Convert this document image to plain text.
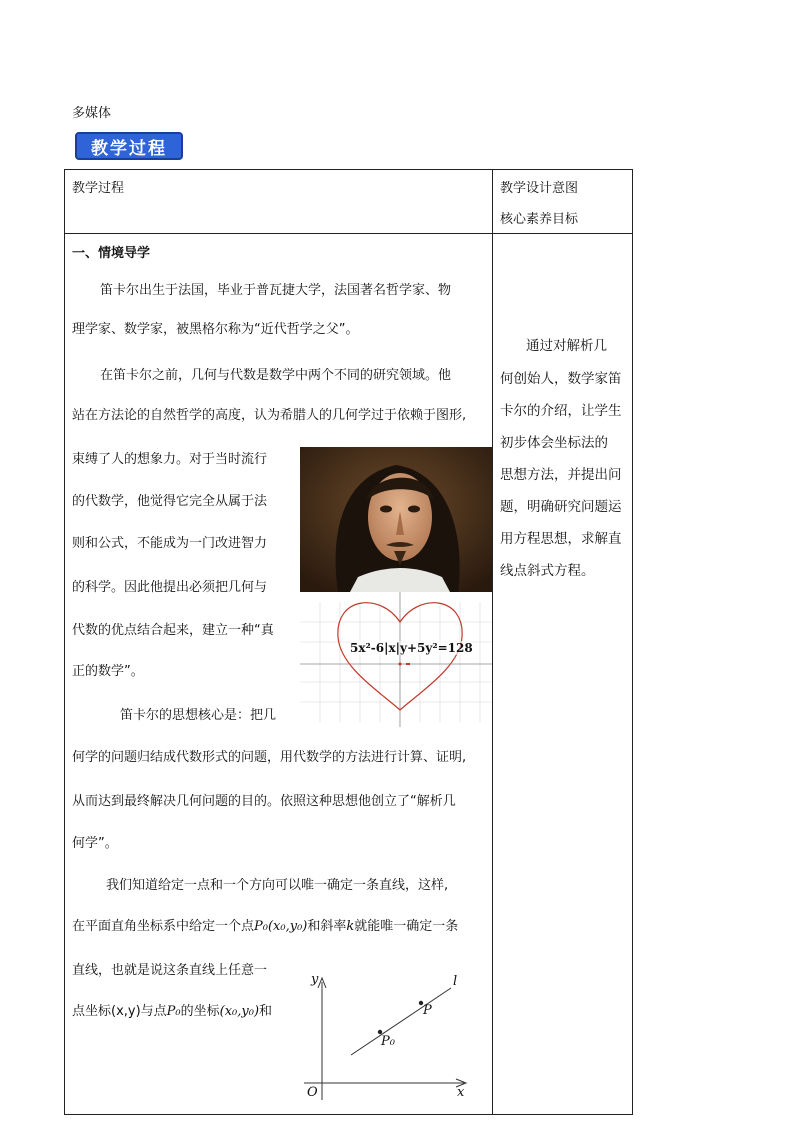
多媒体
教学过程
教学过程	教学设计意图
核心素养目标
一、情境导学
笛卡尔出生于法国，毕业于普瓦捷大学，法国著名哲学家、物
理学家、数学家，被黑格尔称为“近代哲学之父”。
在笛卡尔之前，几何与代数是数学中两个不同的研究领域。他
站在方法论的自然哲学的高度，认为希腊人的几何学过于依赖于图形,
束缚了人的想象力。对于当时流行
的代数学，他觉得它完全从属于法
则和公式，不能成为一门改进智力
的科学。因此他提出必须把几何与
代数的优点结合起来，建立一种“真
正的数学”。
笛卡尔的思想核心是：把几
何学的问题归结成代数形式的问题，用代数学的方法进行计算、证明,
从而达到最终解决几何问题的目的。依照这种思想他创立了“解析几
何学”。
我们知道给定一点和一个方向可以唯一确定一条直线，这样,
在平面直角坐标系中给定一个点P₀(x₀,y₀)和斜率k就能唯一确定一条
直线，也就是说这条直线上任意一
点坐标(x,y)与点P₀的坐标(x₀,y₀)和
5x²-6|x|y+5y²=128
y
x
O
l
P
P₀
通过对解析几
何创始人，数学家笛
卡尔的介绍，让学生
初步体会坐标法的
思想方法，并提出问
题，明确研究问题运
用方程思想，求解直
线点斜式方程。
